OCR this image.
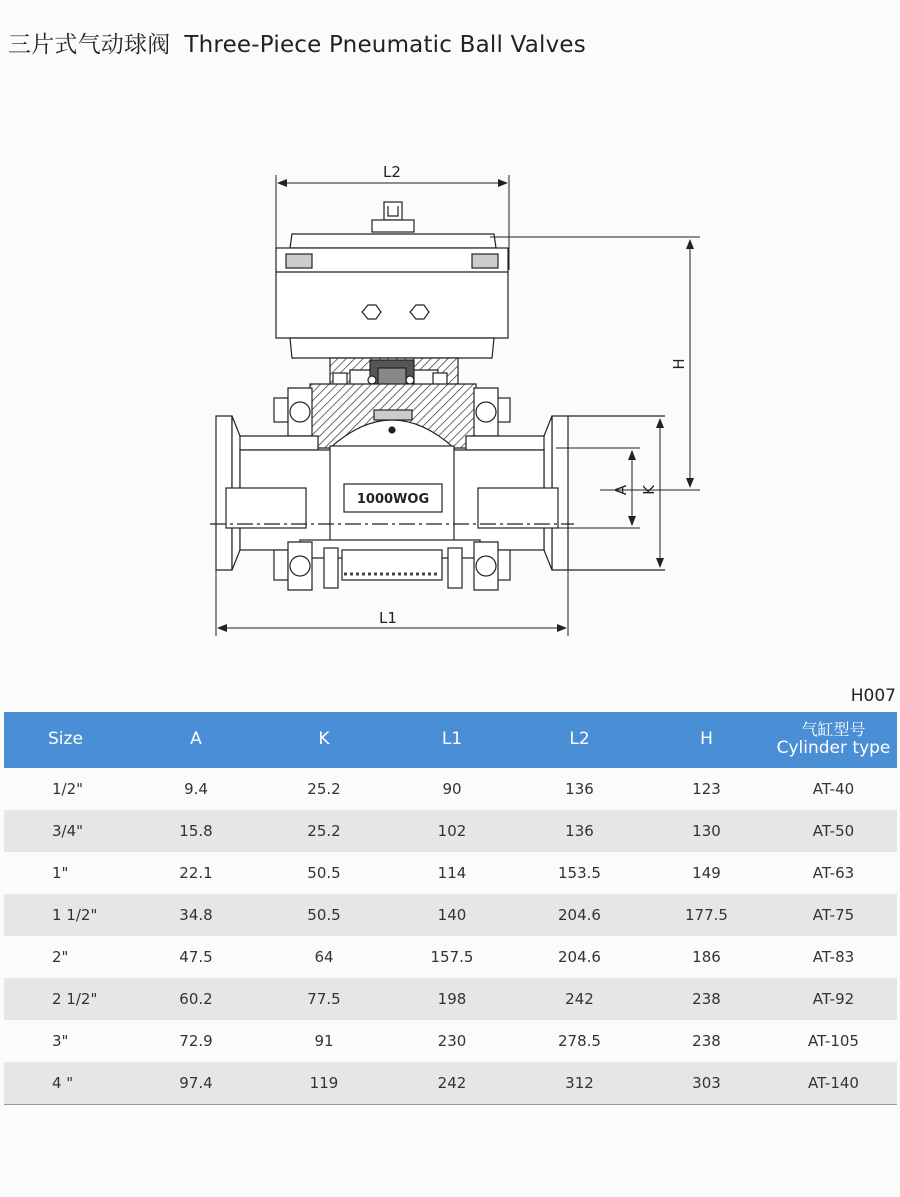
三片式气动球阀 Three-Piece Pneumatic Ball Valves
L2
H
1000WOG
A K
L1
H007
Size	A	K	L1	L2	H	气缸型号
Cylinder type

1/2"	9.4	25.2	90	136	123	AT-40
3/4"	15.8	25.2	102	136	130	AT-50
1"	22.1	50.5	114	153.5	149	AT-63
1 1/2"	34.8	50.5	140	204.6	177.5	AT-75
2"	47.5	64	157.5	204.6	186	AT-83
2 1/2"	60.2	77.5	198	242	238	AT-92
3"	72.9	91	230	278.5	238	AT-105
4 "	97.4	119	242	312	303	AT-140
